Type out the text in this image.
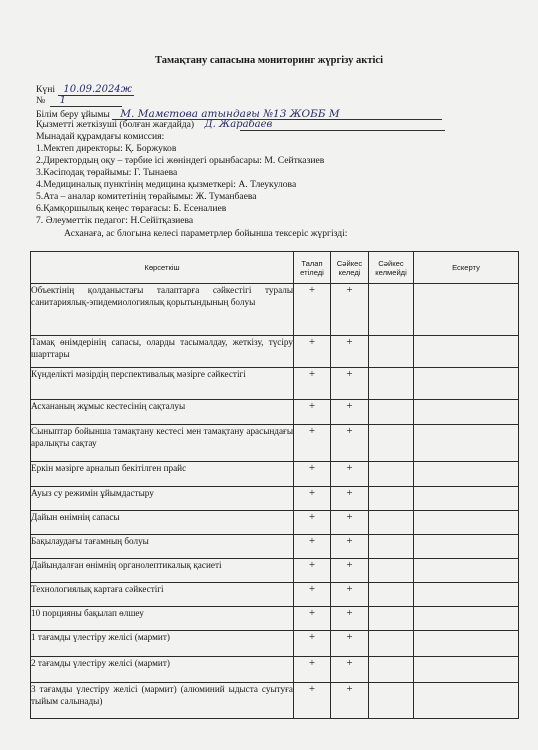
Тамақтану сапасына мониторинг жүргізу актісі
Күні 10.09.2024ж
№ 1
Білім беру ұйымы М. Мамєтова атындағы №13 ЖОББ М
Қызметті жеткізуші (болған жағдайда) Д. Жарабаев
Мынадай құрамдағы комиссия:
1.Мектеп директоры: Қ. Боржуков
2.Директордың оқу – тәрбие ісі жөніндегі орынбасары: М. Сейтказиев
3.Кәсіподақ төрайымы: Г. Тынаева
4.Медициналық пунктінің медицина қызметкері: А. Тлеукулова
5.Ата – аналар комитетінің төрайымы: Ж. Туманбаева
6.Қамқоршылық кеңес төрағасы: Б. Есеналиев
7. Әлеуметтік педагог: Н.Сейітқазиева
Асханаға, ас блогына келесі параметрлер бойынша тексеріс жүргізді:
Көрсеткіш	Талап етіледі	Сәйкес келеді	Сәйкес келмейді	Ескерту
Объектінің қолданыстағы талаптарға сәйкестігі туралы санитариялық-эпидемиологиялық қорытындының болуы	+	+		
Тамақ өнімдерінің сапасы, оларды тасымалдау, жеткізу, түсіру шарттары	+	+		
Күнделікті мәзірдің перспективалық мәзірге сәйкестігі	+	+		
Асхананың жұмыс кестесінің сақталуы	+	+		
Сыныптар бойынша тамақтану кестесі мен тамақтану арасындағы аралықты сақтау	+	+		
Еркін мәзірге арналып бекітілген прайс	+	+		
Ауыз су режимін ұйымдастыру	+	+		
Дайын өнімнің сапасы	+	+		
Бақылаудағы тағамның болуы	+	+		
Дайындалған өнімнің органолептикалық қасиеті	+	+		
Технологиялық картаға сәйкестігі	+	+		
10 порцияны бақылап өлшеу	+	+		
1 тағамды үлестіру желісі (мармит)	+	+		
2 тағамды үлестіру желісі (мармит)	+	+		
3 тағамды үлестіру желісі (мармит) (алюминий ыдыста суытуға тыйым салынады)	+	+		
